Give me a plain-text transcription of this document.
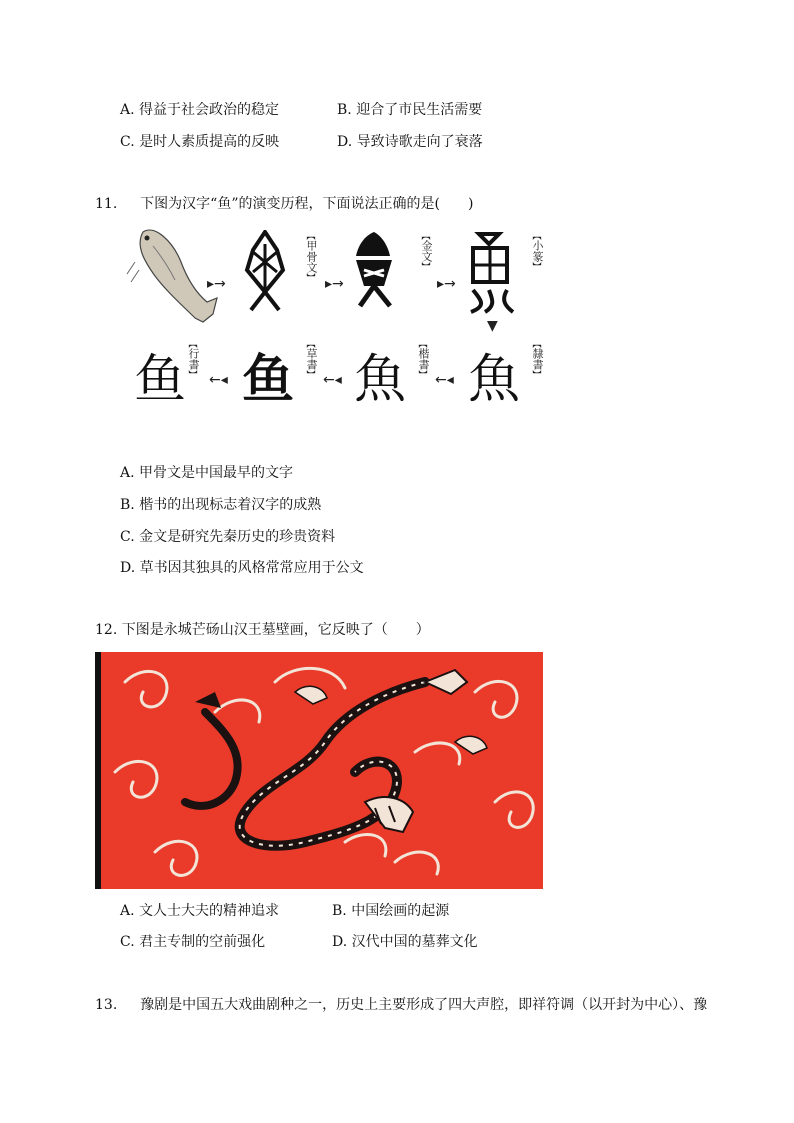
A. 得益于社会政治的稳定	B. 迎合了市民生活需要
C. 是时人素质提高的反映	D. 导致诗歌走向了衰落
11. 下图为汉字“鱼”的演变历程，下面说法正确的是(　　)
▸→
︻
甲骨文
︼ ▸→
︻
金文
︼
▸→
︻
小篆
︼
▼
鱼
︻
行書
︼ ←◂ 鱼
︻
草書
︼ ←◂ 魚
︻
楷書
︼ ←◂ 魚
︻
隸書
︼
A. 甲骨文是中国最早的文字
B. 楷书的出现标志着汉字的成熟
C. 金文是研究先秦历史的珍贵资料
D. 草书因其独具的风格常常应用于公文
12. 下图是永城芒砀山汉王墓壁画，它反映了（　　）
A. 文人士大夫的精神追求	B. 中国绘画的起源
C. 君主专制的空前强化	D. 汉代中国的墓葬文化
13. 豫剧是中国五大戏曲剧种之一，历史上主要形成了四大声腔，即祥符调（以开封为中心）、豫
